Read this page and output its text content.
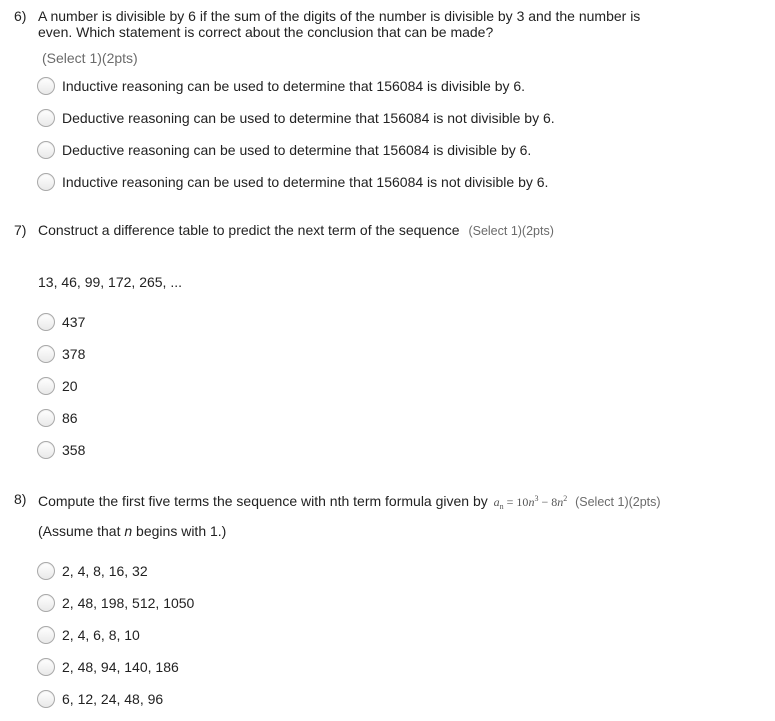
6) A number is divisible by 6 if the sum of the digits of the number is divisible by 3 and the number is
even. Which statement is correct about the conclusion that can be made?
(Select 1)(2pts)
Inductive reasoning can be used to determine that 156084 is divisible by 6.
Deductive reasoning can be used to determine that 156084 is not divisible by 6.
Deductive reasoning can be used to determine that 156084 is divisible by 6.
Inductive reasoning can be used to determine that 156084 is not divisible by 6.
7) Construct a difference table to predict the next term of the sequence (Select 1)(2pts)
13, 46, 99, 172, 265, ...
437
378
20
86
358
8) Compute the first five terms the sequence with nth term formula given by $a_n = 10n^3 - 8n^2$ (Select 1)(2pts)
(Assume that n begins with 1.)
2, 4, 8, 16, 32
2, 48, 198, 512, 1050
2, 4, 6, 8, 10
2, 48, 94, 140, 186
6, 12, 24, 48, 96
